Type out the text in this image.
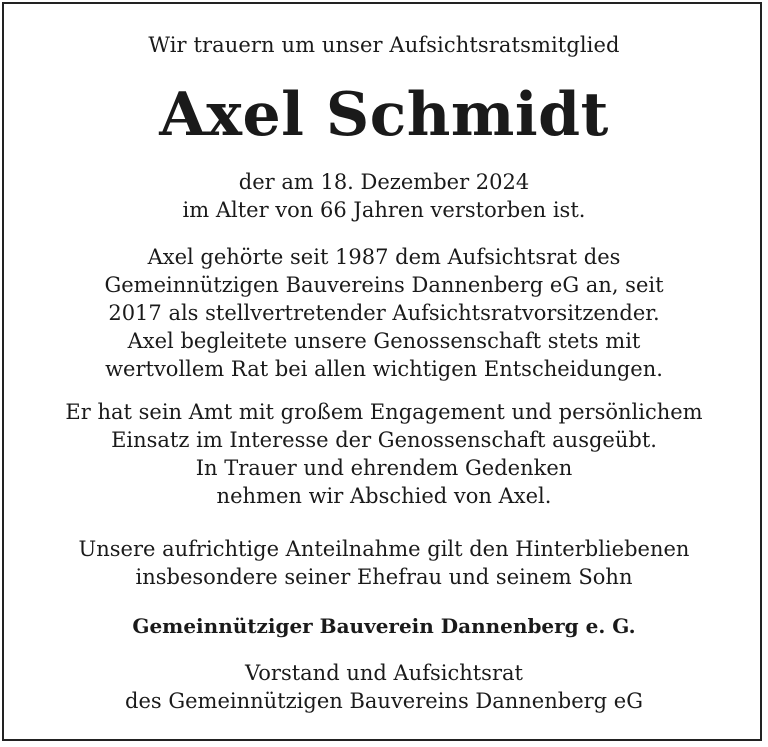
Wir trauern um unser Aufsichtsratsmitglied
Axel Schmidt
der am 18. Dezember 2024
im Alter von 66 Jahren verstorben ist.
Axel gehörte seit 1987 dem Aufsichtsrat des
Gemeinnützigen Bauvereins Dannenberg eG an, seit
2017 als stellvertretender Aufsichtsratvorsitzender.
Axel begleitete unsere Genossenschaft stets mit
wertvollem Rat bei allen wichtigen Entscheidungen.
Er hat sein Amt mit großem Engagement und persönlichem
Einsatz im Interesse der Genossenschaft ausgeübt.
In Trauer und ehrendem Gedenken
nehmen wir Abschied von Axel.
Unsere aufrichtige Anteilnahme gilt den Hinterbliebenen
insbesondere seiner Ehefrau und seinem Sohn
Gemeinnütziger Bauverein Dannenberg e. G.
Vorstand und Aufsichtsrat
des Gemeinnützigen Bauvereins Dannenberg eG
